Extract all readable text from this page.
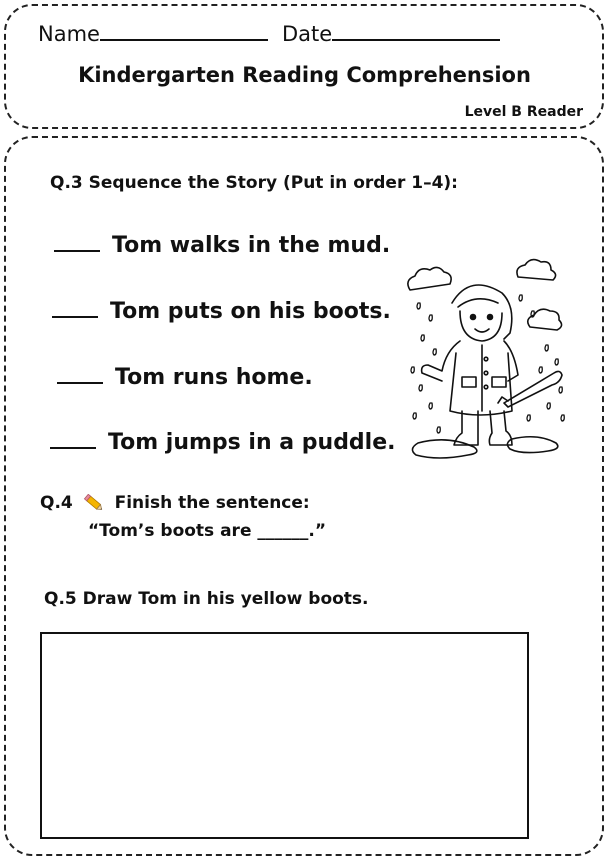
Name	Date
Kindergarten Reading Comprehension
Level B Reader
Q.3 Sequence the Story (Put in order 1–4):
Tom walks in the mud.
Tom puts on his boots.
Tom runs home.
Tom jumps in a puddle.
Q.4 Finish the sentence:
“Tom’s boots are ______.”
Q.5 Draw Tom in his yellow boots.
